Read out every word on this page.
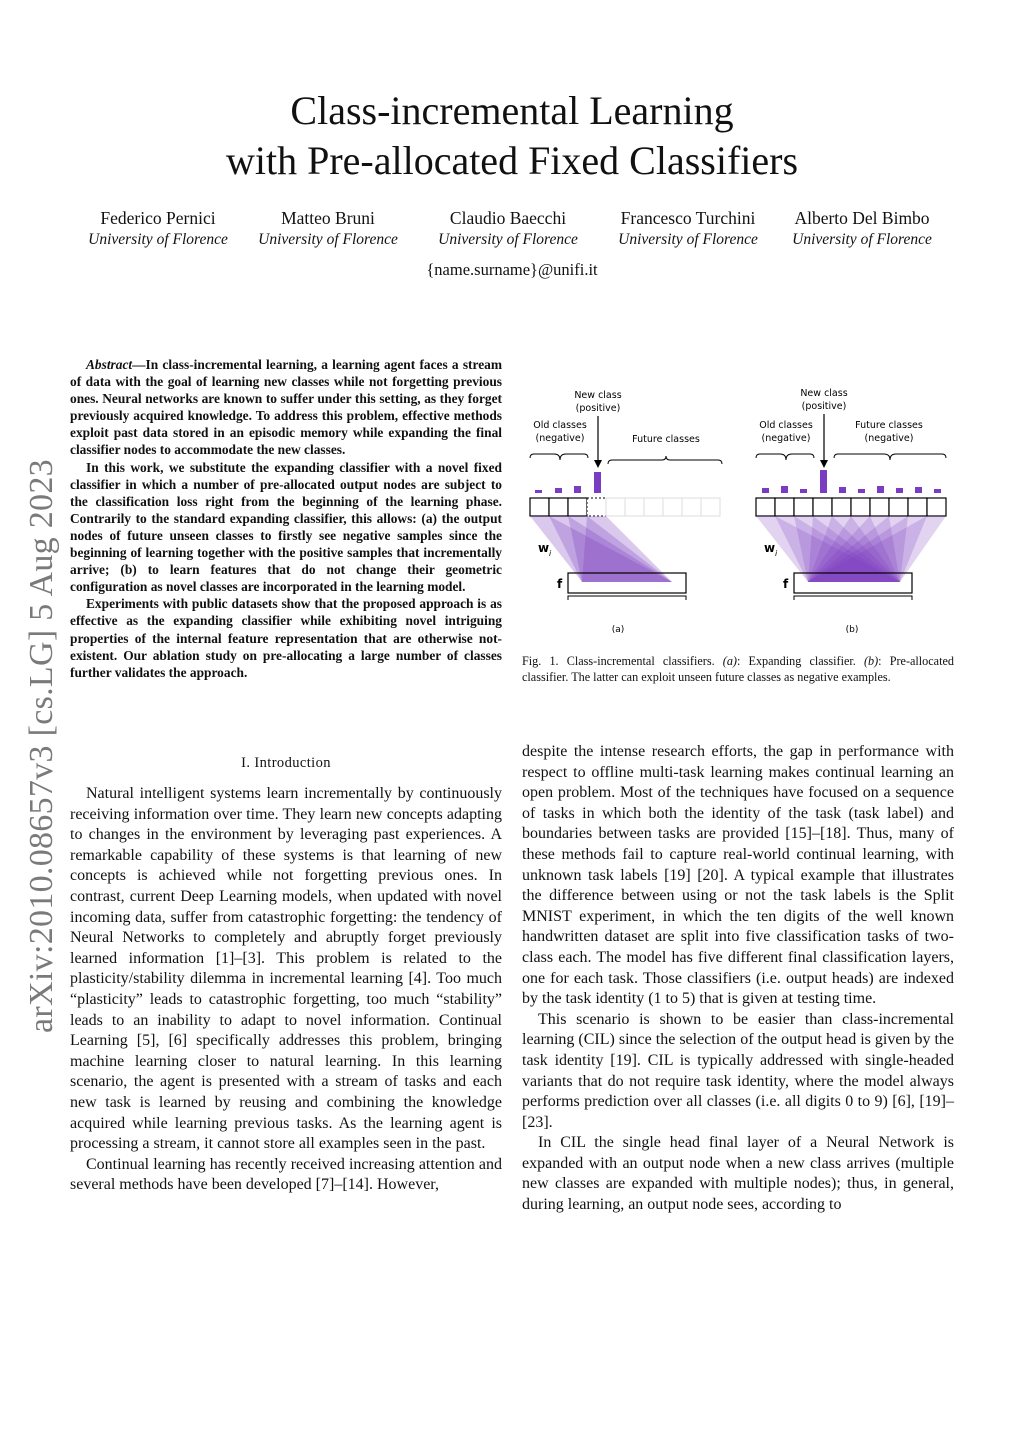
Class-incremental Learning
with Pre-allocated Fixed Classifiers
Federico Pernici
University of Florence
Matteo Bruni
University of Florence
Claudio Baecchi
University of Florence
Francesco Turchini
University of Florence
Alberto Del Bimbo
University of Florence
{name.surname}@unifi.it
arXiv:2010.08657v3 [cs.LG] 5 Aug 2023

Abstract—In class-incremental learning, a learning agent faces a stream of data with the goal of learning new classes while not forgetting previous ones. Neural networks are known to suffer under this setting, as they forget previously acquired knowledge. To address this problem, effective methods exploit past data stored in an episodic memory while expanding the final classifier nodes to accommodate the new classes.

In this work, we substitute the expanding classifier with a novel fixed classifier in which a number of pre-allocated output nodes are subject to the classification loss right from the beginning of the learning phase. Contrarily to the standard expanding classifier, this allows: (a) the output nodes of future unseen classes to firstly see negative samples since the beginning of learning together with the positive samples that incrementally arrive; (b) to learn features that do not change their geometric configuration as novel classes are incorporated in the learning model.

Experiments with public datasets show that the proposed approach is as effective as the expanding classifier while exhibiting novel intriguing properties of the internal feature representation that are otherwise not-existent. Our ablation study on pre-allocating a large number of classes further validates the approach.

I. Introduction

Natural intelligent systems learn incrementally by continuously receiving information over time. They learn new concepts adapting to changes in the environment by leveraging past experiences. A remarkable capability of these systems is that learning of new concepts is achieved while not forgetting previous ones. In contrast, current Deep Learning models, when updated with novel incoming data, suffer from catastrophic forgetting: the tendency of Neural Networks to completely and abruptly forget previously learned information [1]–[3]. This problem is related to the plasticity/stability dilemma in incremental learning [4]. Too much “plasticity” leads to catastrophic forgetting, too much “stability” leads to an inability to adapt to novel information. Continual Learning [5], [6] specifically addresses this problem, bringing machine learning closer to natural learning. In this learning scenario, the agent is presented with a stream of tasks and each new task is learned by reusing and combining the knowledge acquired while learning previous tasks. As the learning agent is processing a stream, it cannot store all examples seen in the past.

Continual learning has recently received increasing attention and several methods have been developed [7]–[14]. However,

despite the intense research efforts, the gap in performance with respect to offline multi-task learning makes continual learning an open problem. Most of the techniques have focused on a sequence of tasks in which both the identity of the task (task label) and boundaries between tasks are provided [15]–[18]. Thus, many of these methods fail to capture real-world continual learning, with unknown task labels [19] [20]. A typical example that illustrates the difference between using or not the task labels is the Split MNIST experiment, in which the ten digits of the well known handwritten dataset are split into five classification tasks of two-class each. The model has five different final classification layers, one for each task. Those classifiers (i.e. output heads) are indexed by the task identity (1 to 5) that is given at testing time.

This scenario is shown to be easier than class-incremental learning (CIL) since the selection of the output head is given by the task identity [19]. CIL is typically addressed with single-headed variants that do not require task identity, where the model always performs prediction over all classes (i.e. all digits 0 to 9) [6], [19]–[23].

In CIL the single head final layer of a Neural Network is expanded with an output node when a new class arrives (multiple new classes are expanded with multiple nodes); thus, in general, during learning, an output node sees, according to

New class
(positive)
Old classes
(negative)	Future classes
w i
f
(a)
New class
(positive)
Old classes
(negative)
Future classes
(negative)
w i
f
(b)
Fig. 1. Class-incremental classifiers. (a): Expanding classifier. (b): Pre-allocated classifier. The latter can exploit unseen future classes as negative examples.
